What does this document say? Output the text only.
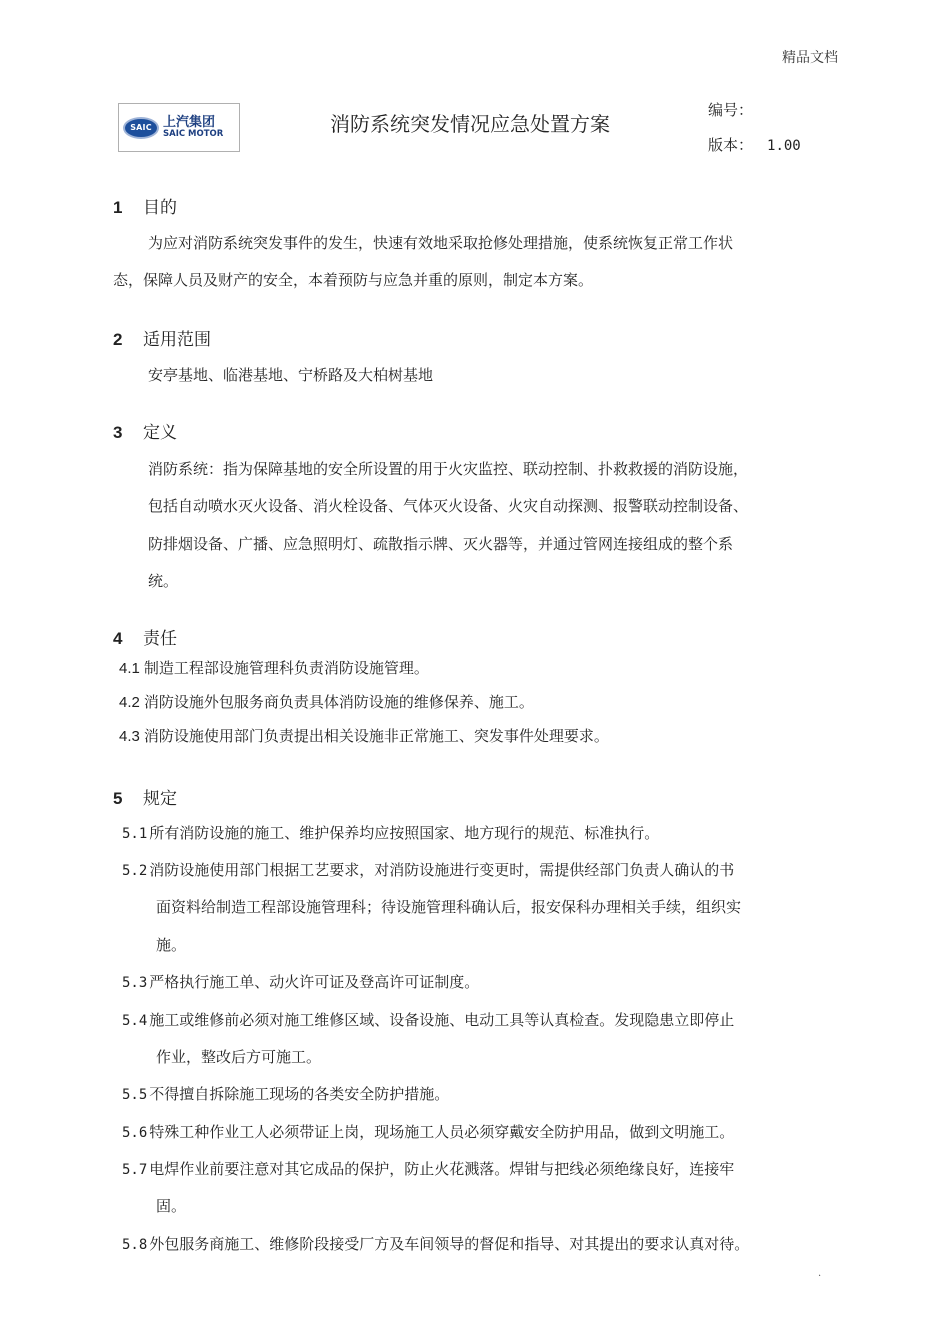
精品文档
SAIC 上汽集团
SAIC MOTOR	消防系统突发情况应急处置方案
编号：
版本： 1.00
1 目的
为应对消防系统突发事件的发生，快速有效地采取抢修处理措施，使系统恢复正常工作状
态，保障人员及财产的安全，本着预防与应急并重的原则，制定本方案。
2 适用范围
安亭基地、临港基地、宁桥路及大柏树基地
3 定义
消防系统：指为保障基地的安全所设置的用于火灾监控、联动控制、扑救救援的消防设施，
包括自动喷水灭火设备、消火栓设备、气体灭火设备、火灾自动探测、报警联动控制设备、
防排烟设备、广播、应急照明灯、疏散指示牌、灭火器等，并通过管网连接组成的整个系
统。
4 责任
4.1 制造工程部设施管理科负责消防设施管理。
4.2 消防设施外包服务商负责具体消防设施的维修保养、施工。
4.3 消防设施使用部门负责提出相关设施非正常施工、突发事件处理要求。
5 规定
5.1 所有消防设施的施工、维护保养均应按照国家、地方现行的规范、标准执行。
5.2 消防设施使用部门根据工艺要求，对消防设施进行变更时，需提供经部门负责人确认的书
面资料给制造工程部设施管理科；待设施管理科确认后，报安保科办理相关手续，组织实
施。
5.3 严格执行施工单、动火许可证及登高许可证制度。
5.4 施工或维修前必须对施工维修区域、设备设施、电动工具等认真检查。发现隐患立即停止
作业，整改后方可施工。
5.5 不得擅自拆除施工现场的各类安全防护措施。
5.6 特殊工种作业工人必须带证上岗，现场施工人员必须穿戴安全防护用品，做到文明施工。
5.7 电焊作业前要注意对其它成品的保护，防止火花溅落。焊钳与把线必须绝缘良好，连接牢
固。
5.8 外包服务商施工、维修阶段接受厂方及车间领导的督促和指导、对其提出的要求认真对待。
.
